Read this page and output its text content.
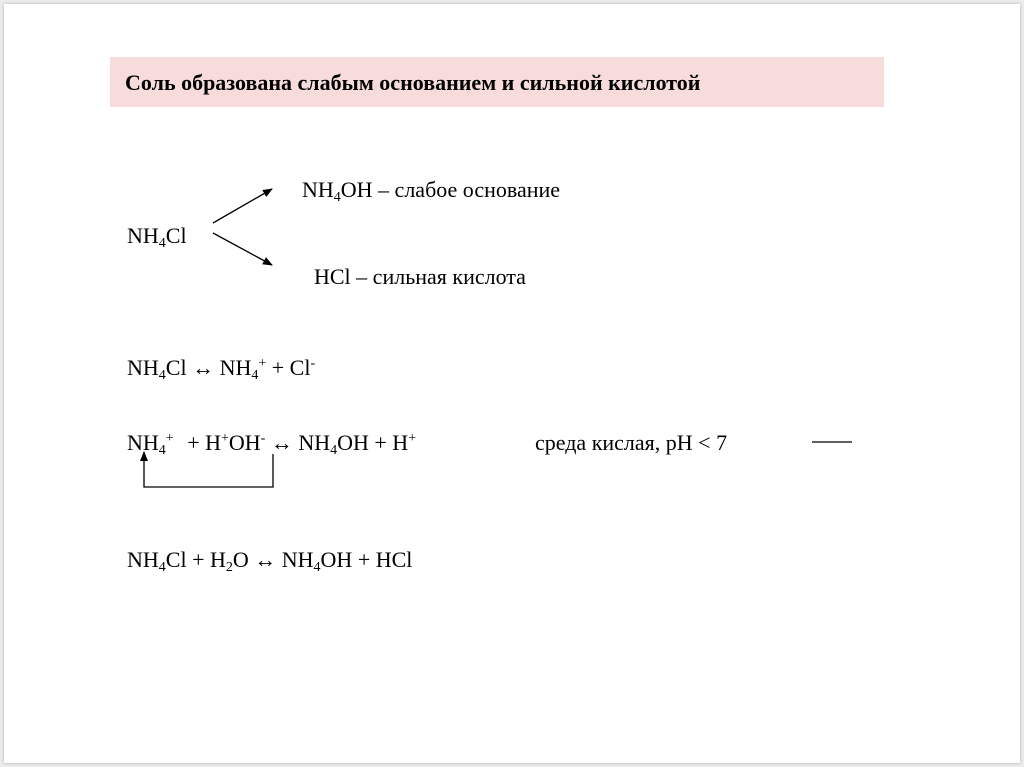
Соль образована слабым основанием и сильной кислотой
$NH_4Cl$
$NH_4OH$ – слабое основание
HCl – сильная кислота
$NH_4Cl$ ↔ $NH_4^+ + Cl^-$
$NH_4^+ + H^+OH^-$ ↔ $NH_4OH + H^+$	среда кислая, pH < 7
$NH_4Cl + H_2O$ ↔ $NH_4OH$ + HCl
